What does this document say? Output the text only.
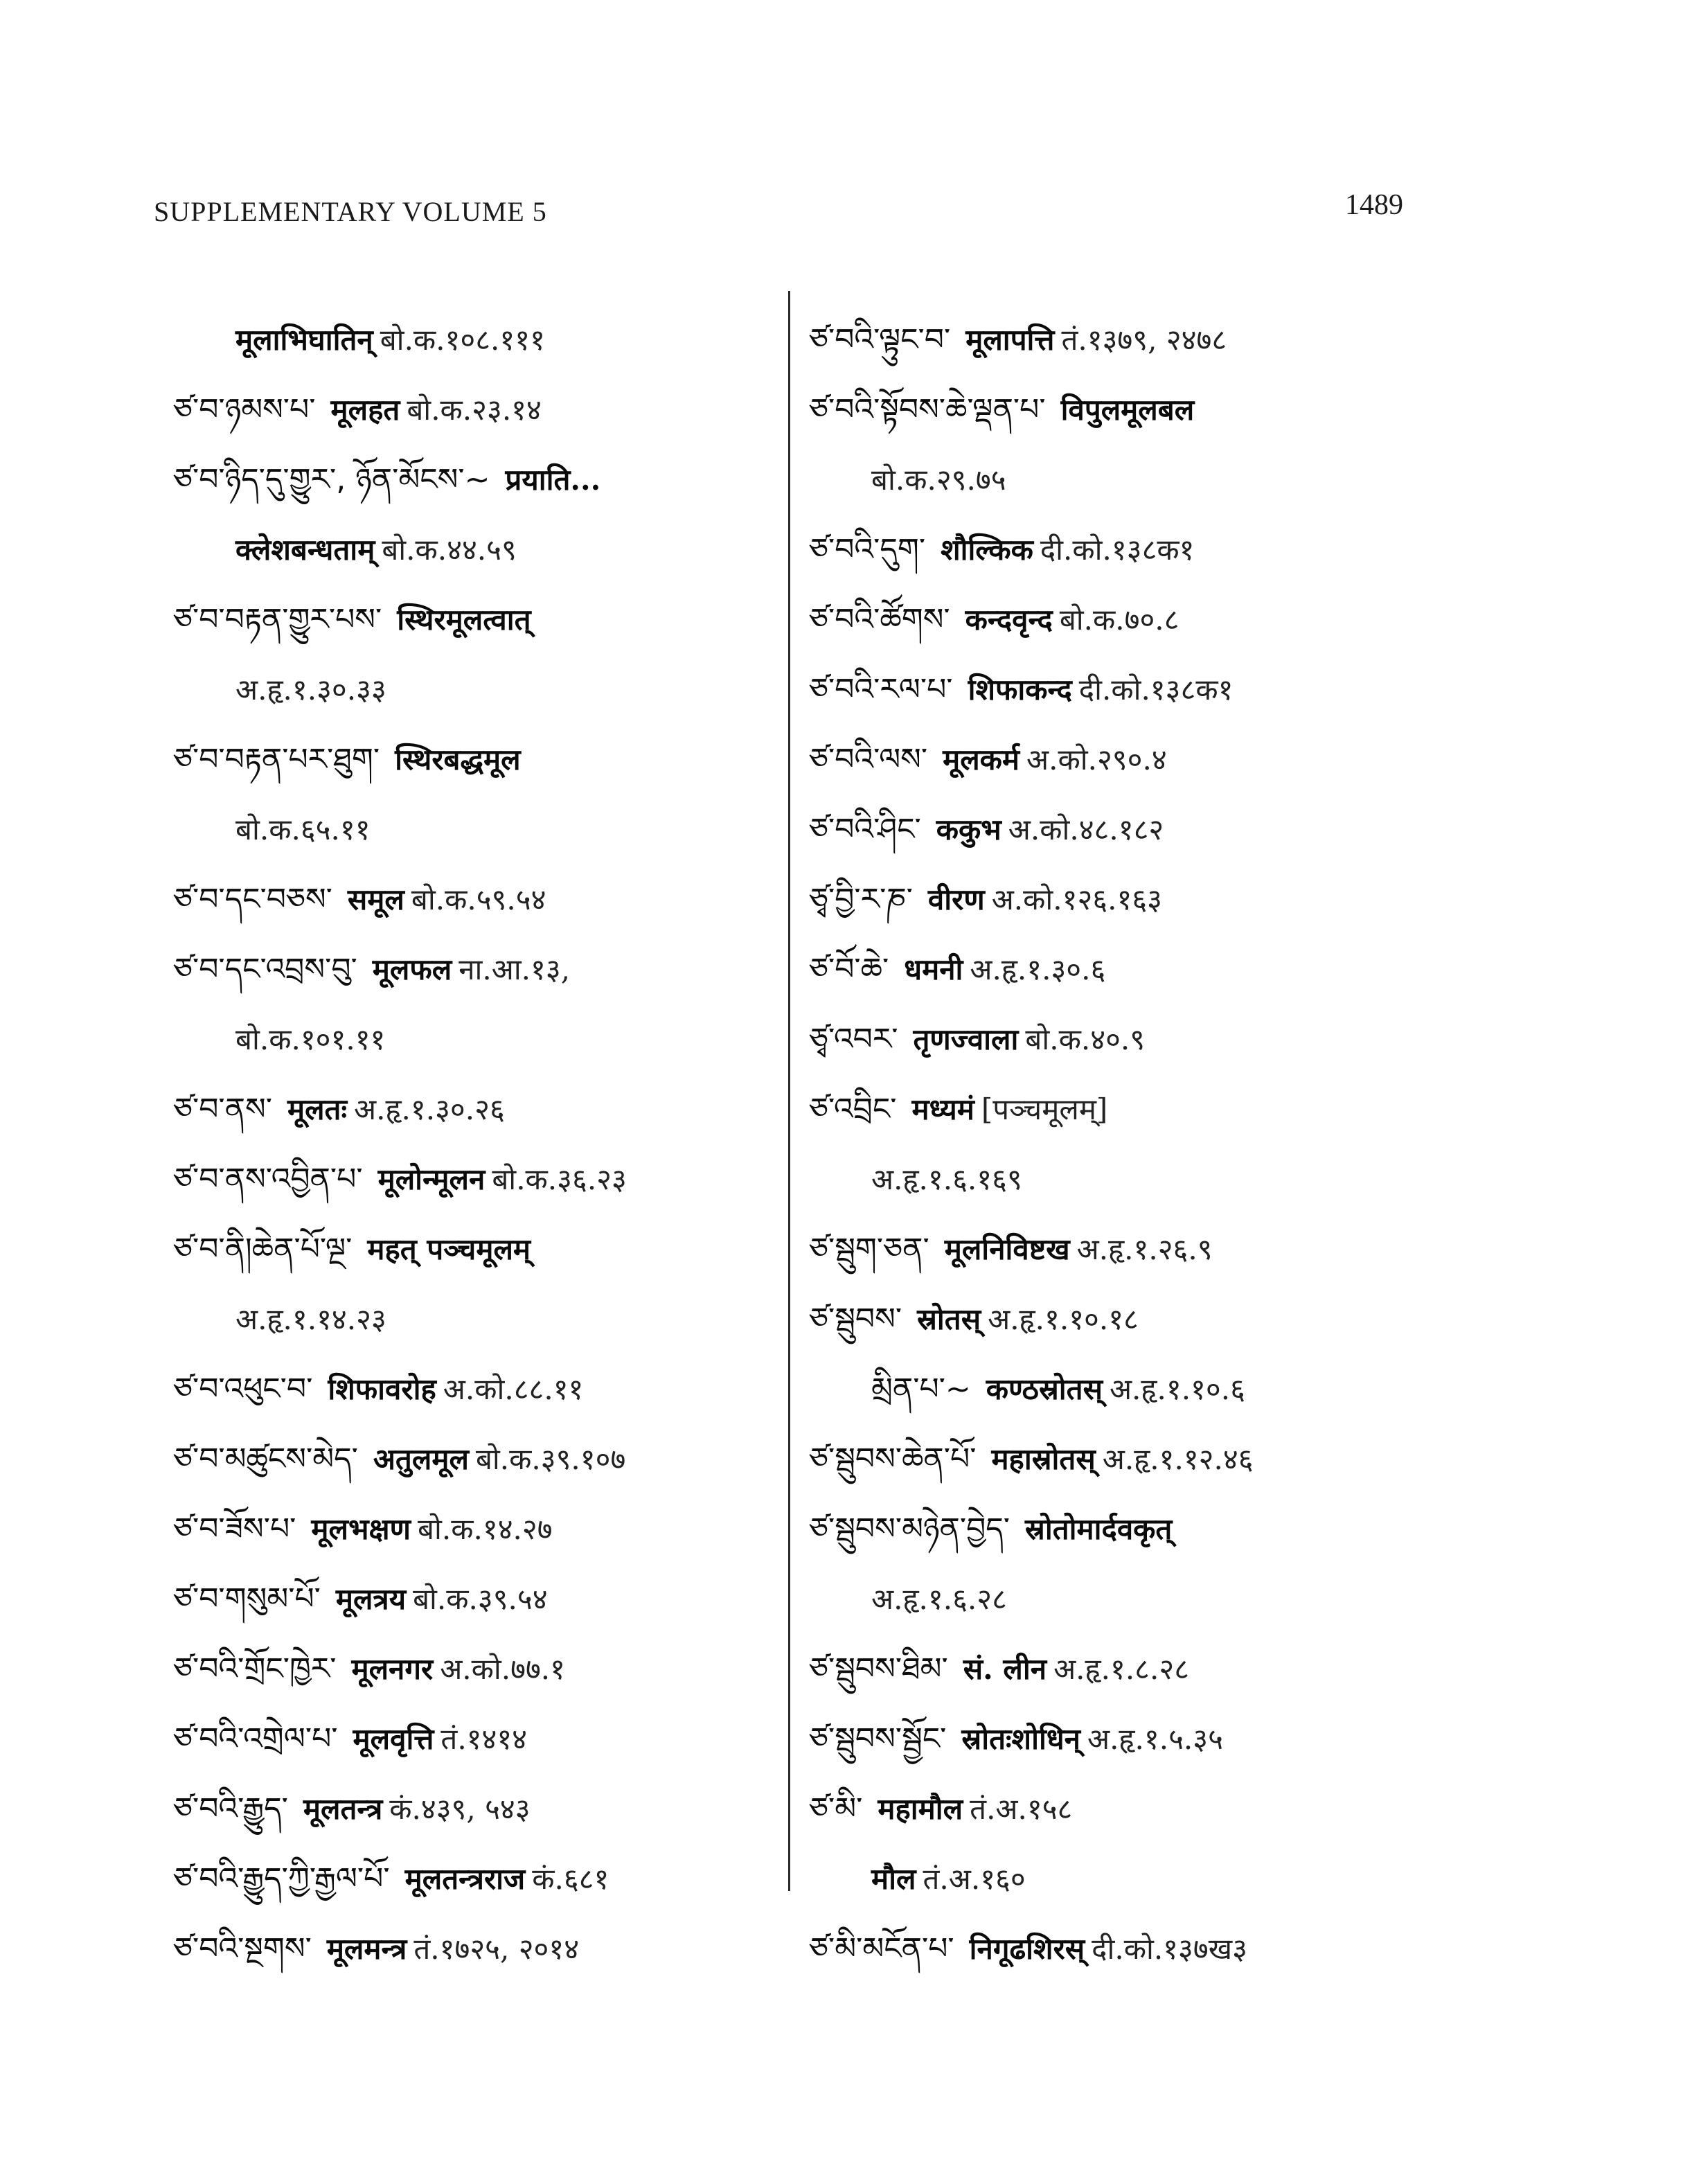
SUPPLEMENTARY VOLUME 5	1489
मूलाभिघातिन् बो.क.१०८.१११
ཙ་བ་ཉམས་པ་ मूलहत बो.क.२३.१४
ཙ་བ་ཉིད་དུ་གྱུར་, ཉོན་མོངས་~ प्रयाति...
क्लेशबन्धताम् बो.क.४४.५९
ཙ་བ་བརྟན་གྱུར་པས་ स्थिरमूलत्वात्
अ.हृ.१.३०.३३
ཙ་བ་བརྟན་པར་ཐུག་ स्थिरबद्धमूल
बो.क.६५.११
ཙ་བ་དང་བཅས་ समूल बो.क.५९.५४
ཙ་བ་དང་འབྲས་བུ་ मूलफल ना.आ.१३,
बो.क.१०१.११
ཙ་བ་ནས་ मूलतः अ.हृ.१.३०.२६
ཙ་བ་ནས་འབྱིན་པ་ मूलोन्मूलन बो.क.३६.२३
ཙ་བ་ནི།ཆེན་པོ་ལྔ་ महत् पञ्चमूलम्
अ.हृ.१.१४.२३
ཙ་བ་འཕུང་བ་ शिफावरोह अ.को.८८.११
ཙ་བ་མཚུངས་མེད་ अतुलमूल बो.क.३९.१०७
ཙ་བ་ཟོས་པ་ मूलभक्षण बो.क.१४.२७
ཙ་བ་གསུམ་པོ་ मूलत्रय बो.क.३९.५४
ཙ་བའི་གྲོང་ཁྱེར་ मूलनगर अ.को.७७.१
ཙ་བའི་འགྲེལ་པ་ मूलवृत्ति तं.१४१४
ཙ་བའི་རྒྱུད་ मूलतन्त्र कं.४३९, ५४३
ཙ་བའི་རྒྱུད་ཀྱི་རྒྱལ་པོ་ मूलतन्त्रराज कं.६८१
ཙ་བའི་སྔགས་ मूलमन्त्र तं.१७२५, २०१४
ཙ་བའི་ལྟུང་བ་ मूलापत्ति तं.१३७९, २४७८
ཙ་བའི་སྟོབས་ཆེ་ལྡན་པ་ विपुलमूलबल
बो.क.२९.७५
ཙ་བའི་དུག་ शौल्किक दी.को.१३८क१
ཙ་བའི་ཚོགས་ कन्दवृन्द बो.क.७०.८
ཙ་བའི་རལ་པ་ शिफाकन्द दी.को.१३८क१
ཙ་བའི་ལས་ मूलकर्म अ.को.२९०.४
ཙ་བའི་ཤིང་ ककुभ अ.को.४८.१८२
ཙྭ་བྱི་ར་ཎ་ वीरण अ.को.१२६.१६३
ཙ་བོ་ཆེ་ धमनी अ.हृ.१.३०.६
ཙྭ་འབར་ तृणज्वाला बो.क.४०.९
ཙ་འབྲིང་ मध्यमं [पञ्चमूलम्]
अ.हृ.१.६.१६९
ཙ་སྦུག་ཅན་ मूलनिविष्टख अ.हृ.१.२६.९
ཙ་སྦུབས་ स्रोतस् अ.हृ.१.१०.१८
མྲིན་པ་~ कण्ठस्रोतस् अ.हृ.१.१०.६
ཙ་སྦུབས་ཆེན་པོ་ महास्रोतस् अ.हृ.१.१२.४६
ཙ་སྦུབས་མཉེན་བྱེད་ स्रोतोमार्दवकृत्
अ.हृ.१.६.२८
ཙ་སྦུབས་ཐིམ་ सं. लीन अ.हृ.१.८.२८
ཙ་སྦུབས་སྦྱོང་ स्रोतःशोधिन् अ.हृ.१.५.३५
ཙ་མི་ महामौल तं.अ.१५८
मौल तं.अ.१६०
ཙ་མི་མངོན་པ་ निगूढशिरस् दी.को.१३७ख३
